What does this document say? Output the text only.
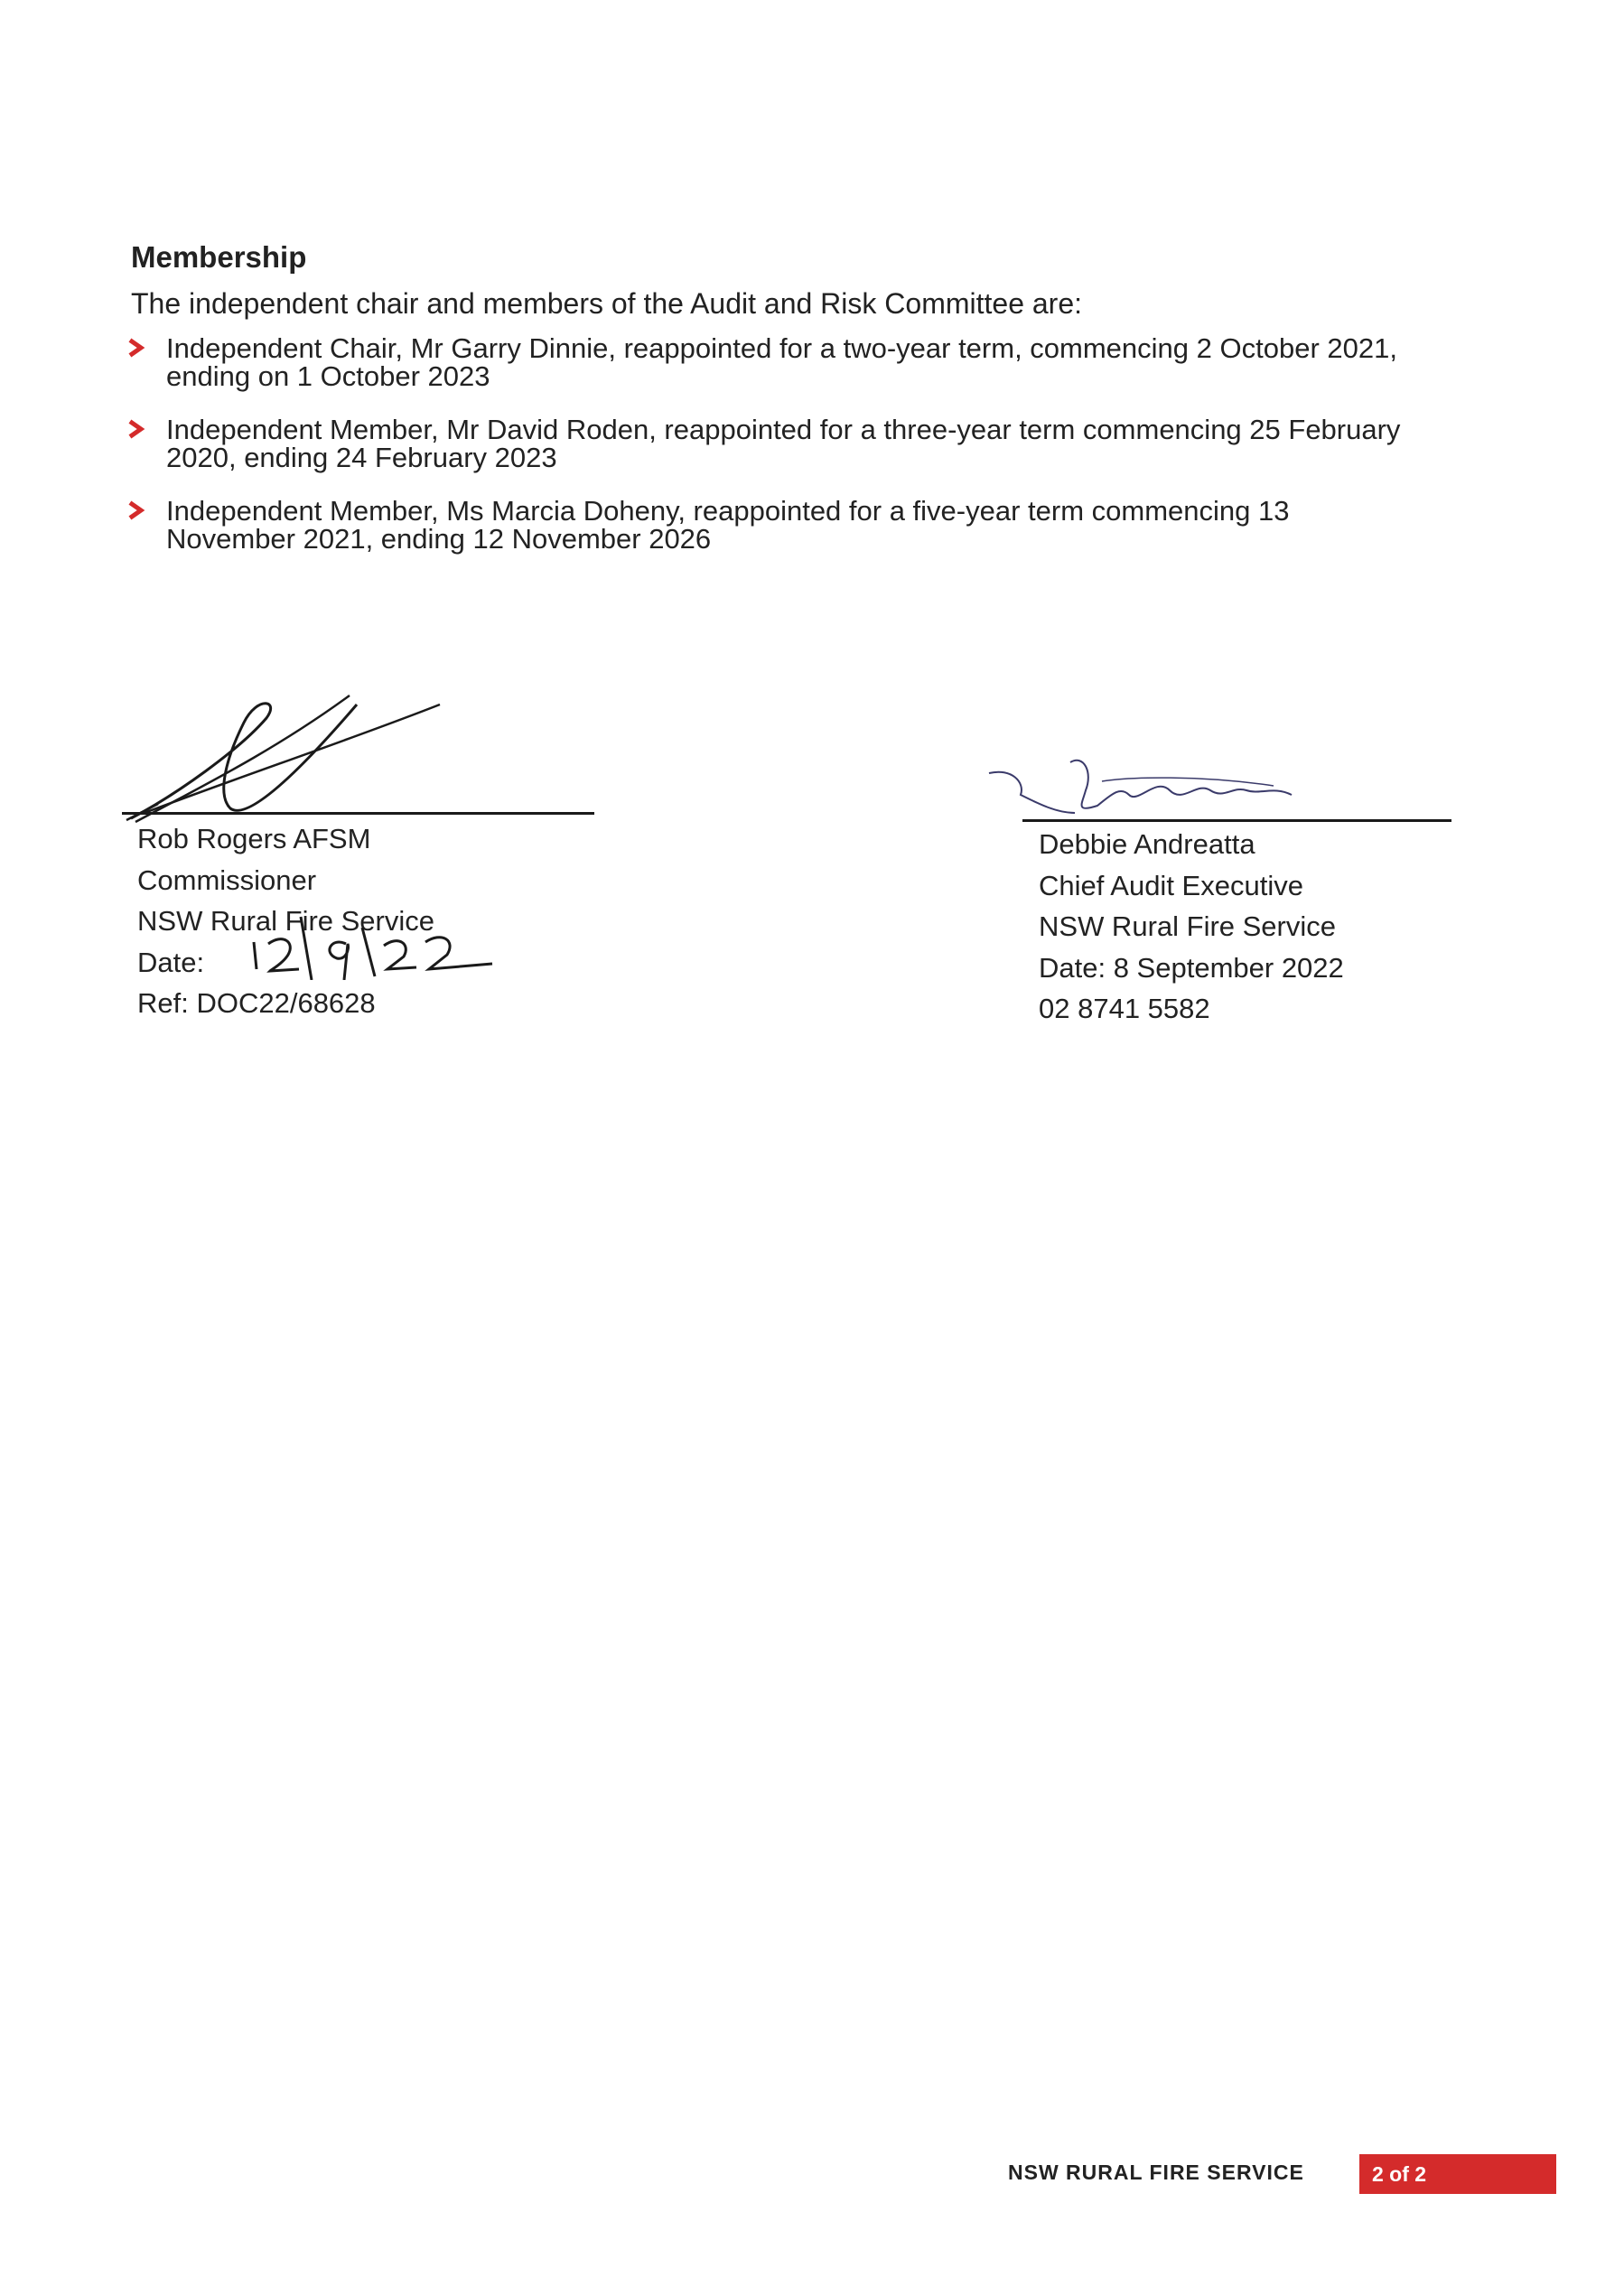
Membership
The independent chair and members of the Audit and Risk Committee are:
Independent Chair, Mr Garry Dinnie, reappointed for a two-year term, commencing 2 October 2021,
ending on 1 October 2023
Independent Member, Mr David Roden, reappointed for a three-year term commencing 25 February
2020, ending 24 February 2023
Independent Member, Ms Marcia Doheny, reappointed for a five-year term commencing 13
November 2021, ending 12 November 2026
Rob Rogers AFSM
Commissioner
NSW Rural Fire Service
Date:
Ref: DOC22/68628
Debbie Andreatta
Chief Audit Executive
NSW Rural Fire Service
Date: 8 September 2022
02 8741 5582
NSW RURAL FIRE SERVICE	2 of 2
